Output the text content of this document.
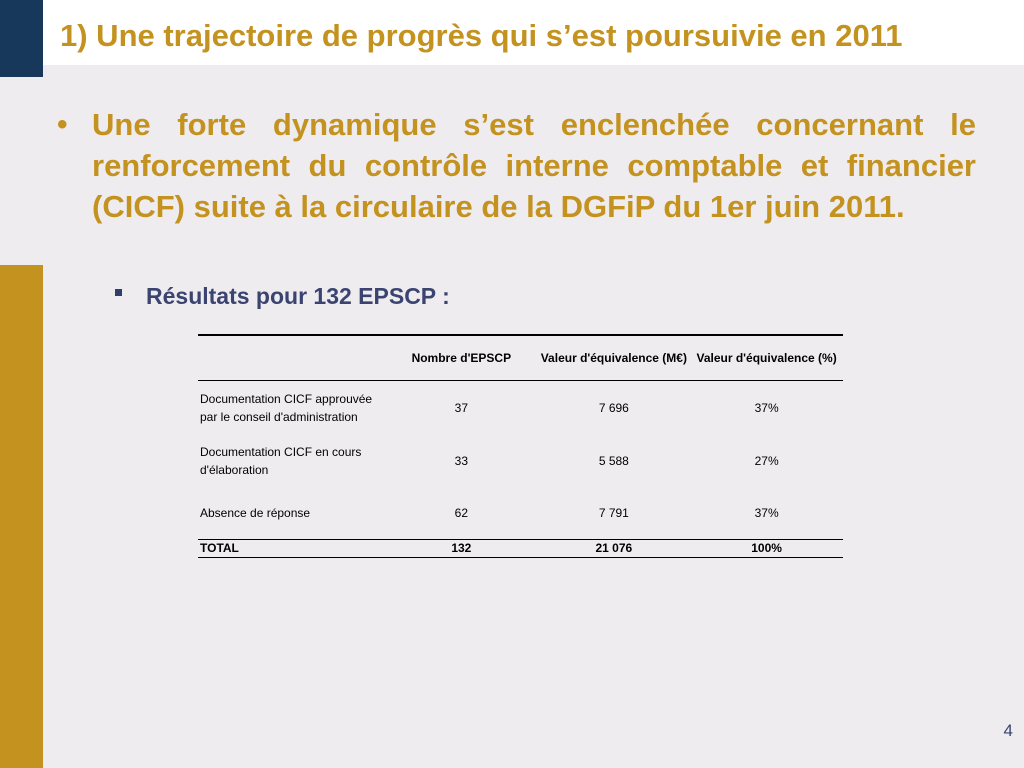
1) Une trajectoire de progrès qui s’est poursuivie en 2011
• Une forte dynamique s’est enclenchée concernant le renforcement du contrôle interne comptable et financier (CICF) suite à la circulaire de la DGFiP du 1er juin 2011.
Résultats pour 132 EPSCP :
	Nombre d'EPSCP	Valeur d'équivalence (M€)	Valeur d'équivalence (%)
Documentation CICF approuvée par le conseil d'administration	37	7 696	37%
Documentation CICF en cours d'élaboration	33	5 588	27%
Absence de réponse	62	7 791	37%
TOTAL	132	21 076	100%
4
